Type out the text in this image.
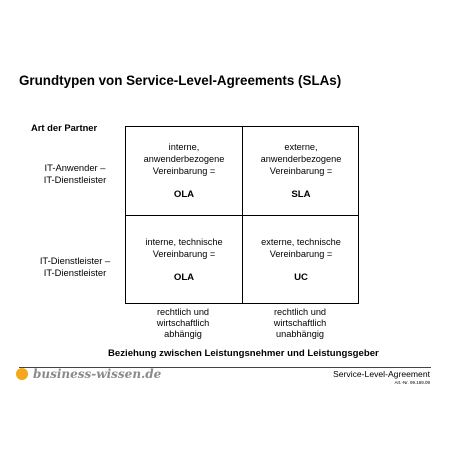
Grundtypen von Service-Level-Agreements (SLAs)
Art der Partner
IT-Anwender –
IT-Dienstleister
IT-Dienstleister –
IT-Dienstleister
interne,
anwenderbezogene
Vereinbarung =
OLA
externe,
anwenderbezogene
Vereinbarung =
SLA
interne, technische
Vereinbarung =
OLA
externe, technische
Vereinbarung =
UC
rechtlich und
wirtschaftlich
abhängig
rechtlich und
wirtschaftlich
unabhängig
Beziehung zwischen Leistungsnehmer und Leistungsgeber
business-wissen.de	Service-Level-Agreement
Art.-Nr. 99.169.09
